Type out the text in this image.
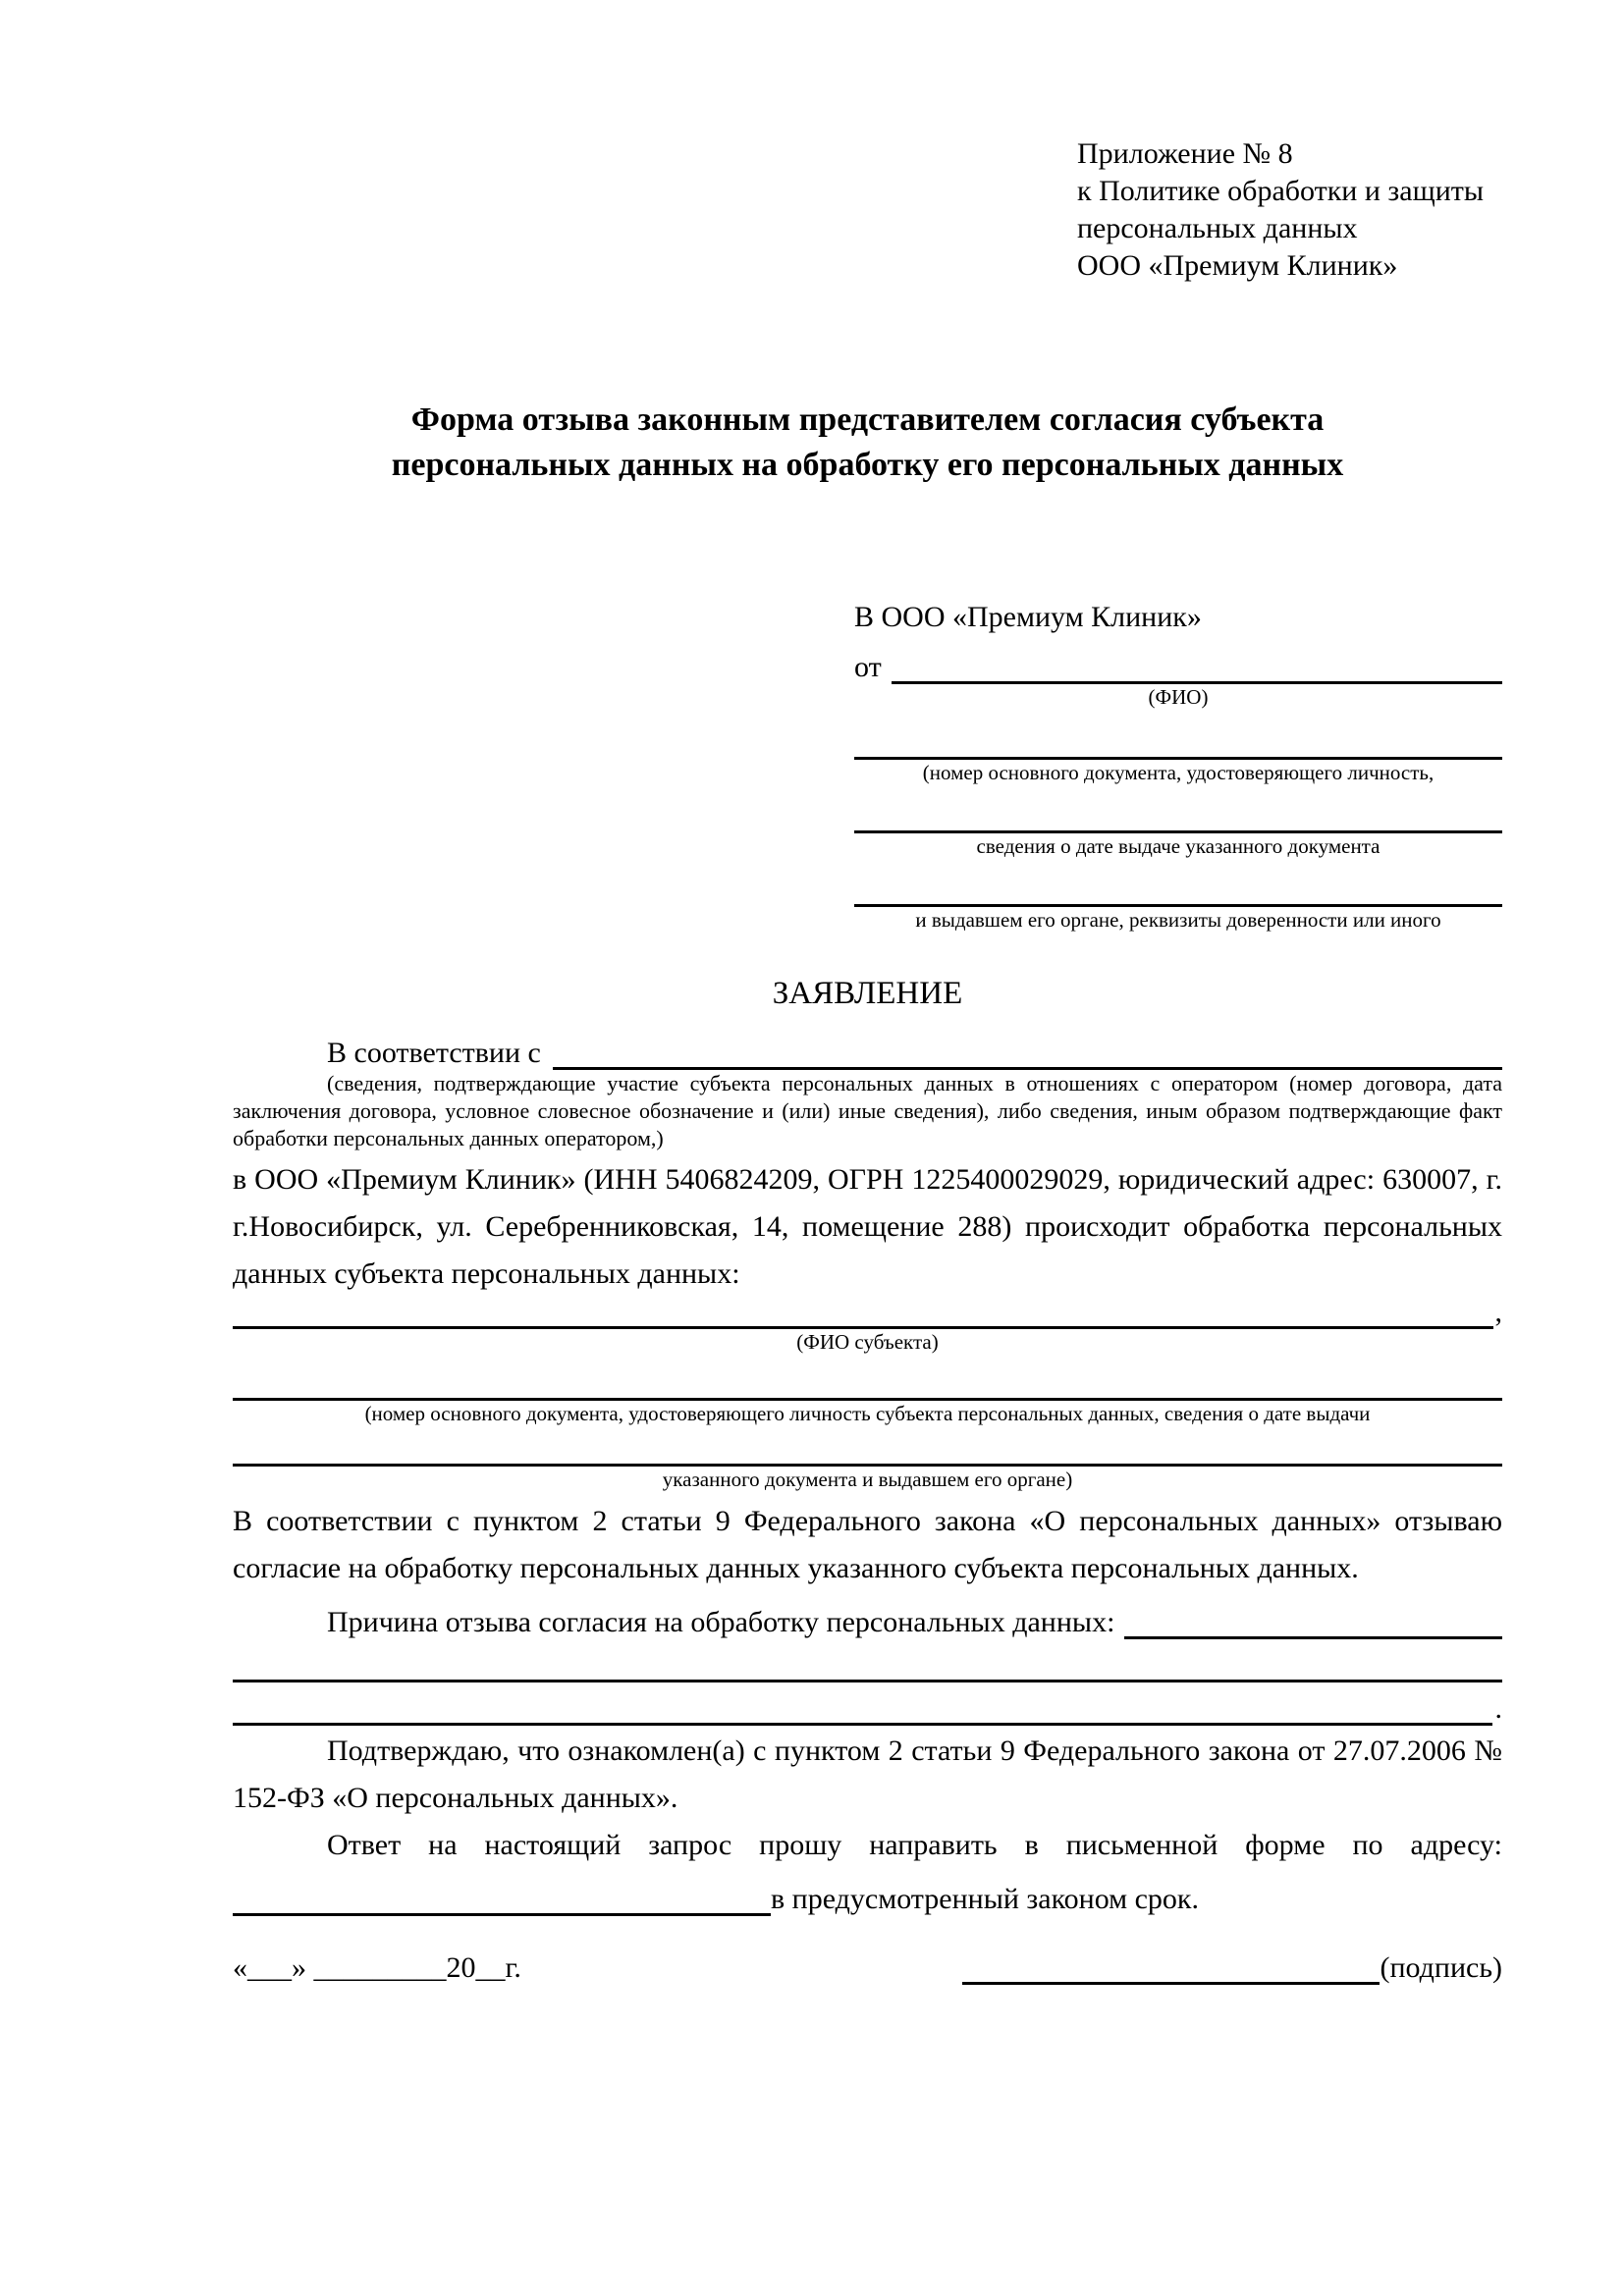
Приложение № 8
к Политике обработки и защиты
персональных данных
ООО «Премиум Клиник»
Форма отзыва законным представителем согласия субъекта
персональных данных на обработку его персональных данных
В ООО «Премиум Клиник»
от
(ФИО)
(номер основного документа, удостоверяющего личность,
сведения о дате выдаче указанного документа
и выдавшем его органе, реквизиты доверенности или иного
ЗАЯВЛЕНИЕ
В соответствии с
(сведения, подтверждающие участие субъекта персональных данных в отношениях с оператором (номер договора, дата заключения договора, условное словесное обозначение и (или) иные сведения), либо сведения, иным образом подтверждающие факт обработки персональных данных оператором,)
в ООО «Премиум Клиник» (ИНН 5406824209, ОГРН 1225400029029, юридический адрес: 630007, г. г.Новосибирск, ул. Серебренниковская, 14, помещение 288) происходит обработка персональных данных субъекта персональных данных:
,
(ФИО субъекта)
(номер основного документа, удостоверяющего личность субъекта персональных данных, сведения о дате выдачи
указанного документа и выдавшем его органе)
В соответствии с пунктом 2 статьи 9 Федерального закона «О персональных данных» отзываю согласие на обработку персональных данных указанного субъекта персональных данных.
Причина отзыва согласия на обработку персональных данных:
.
Подтверждаю, что ознакомлен(а) с пунктом 2 статьи 9 Федерального закона от 27.07.2006 № 152-ФЗ «О персональных данных».
Ответ на настоящий запрос прошу направить в письменной форме по адресу:
в предусмотренный законом срок.
«___» _________20__г.	(подпись)
